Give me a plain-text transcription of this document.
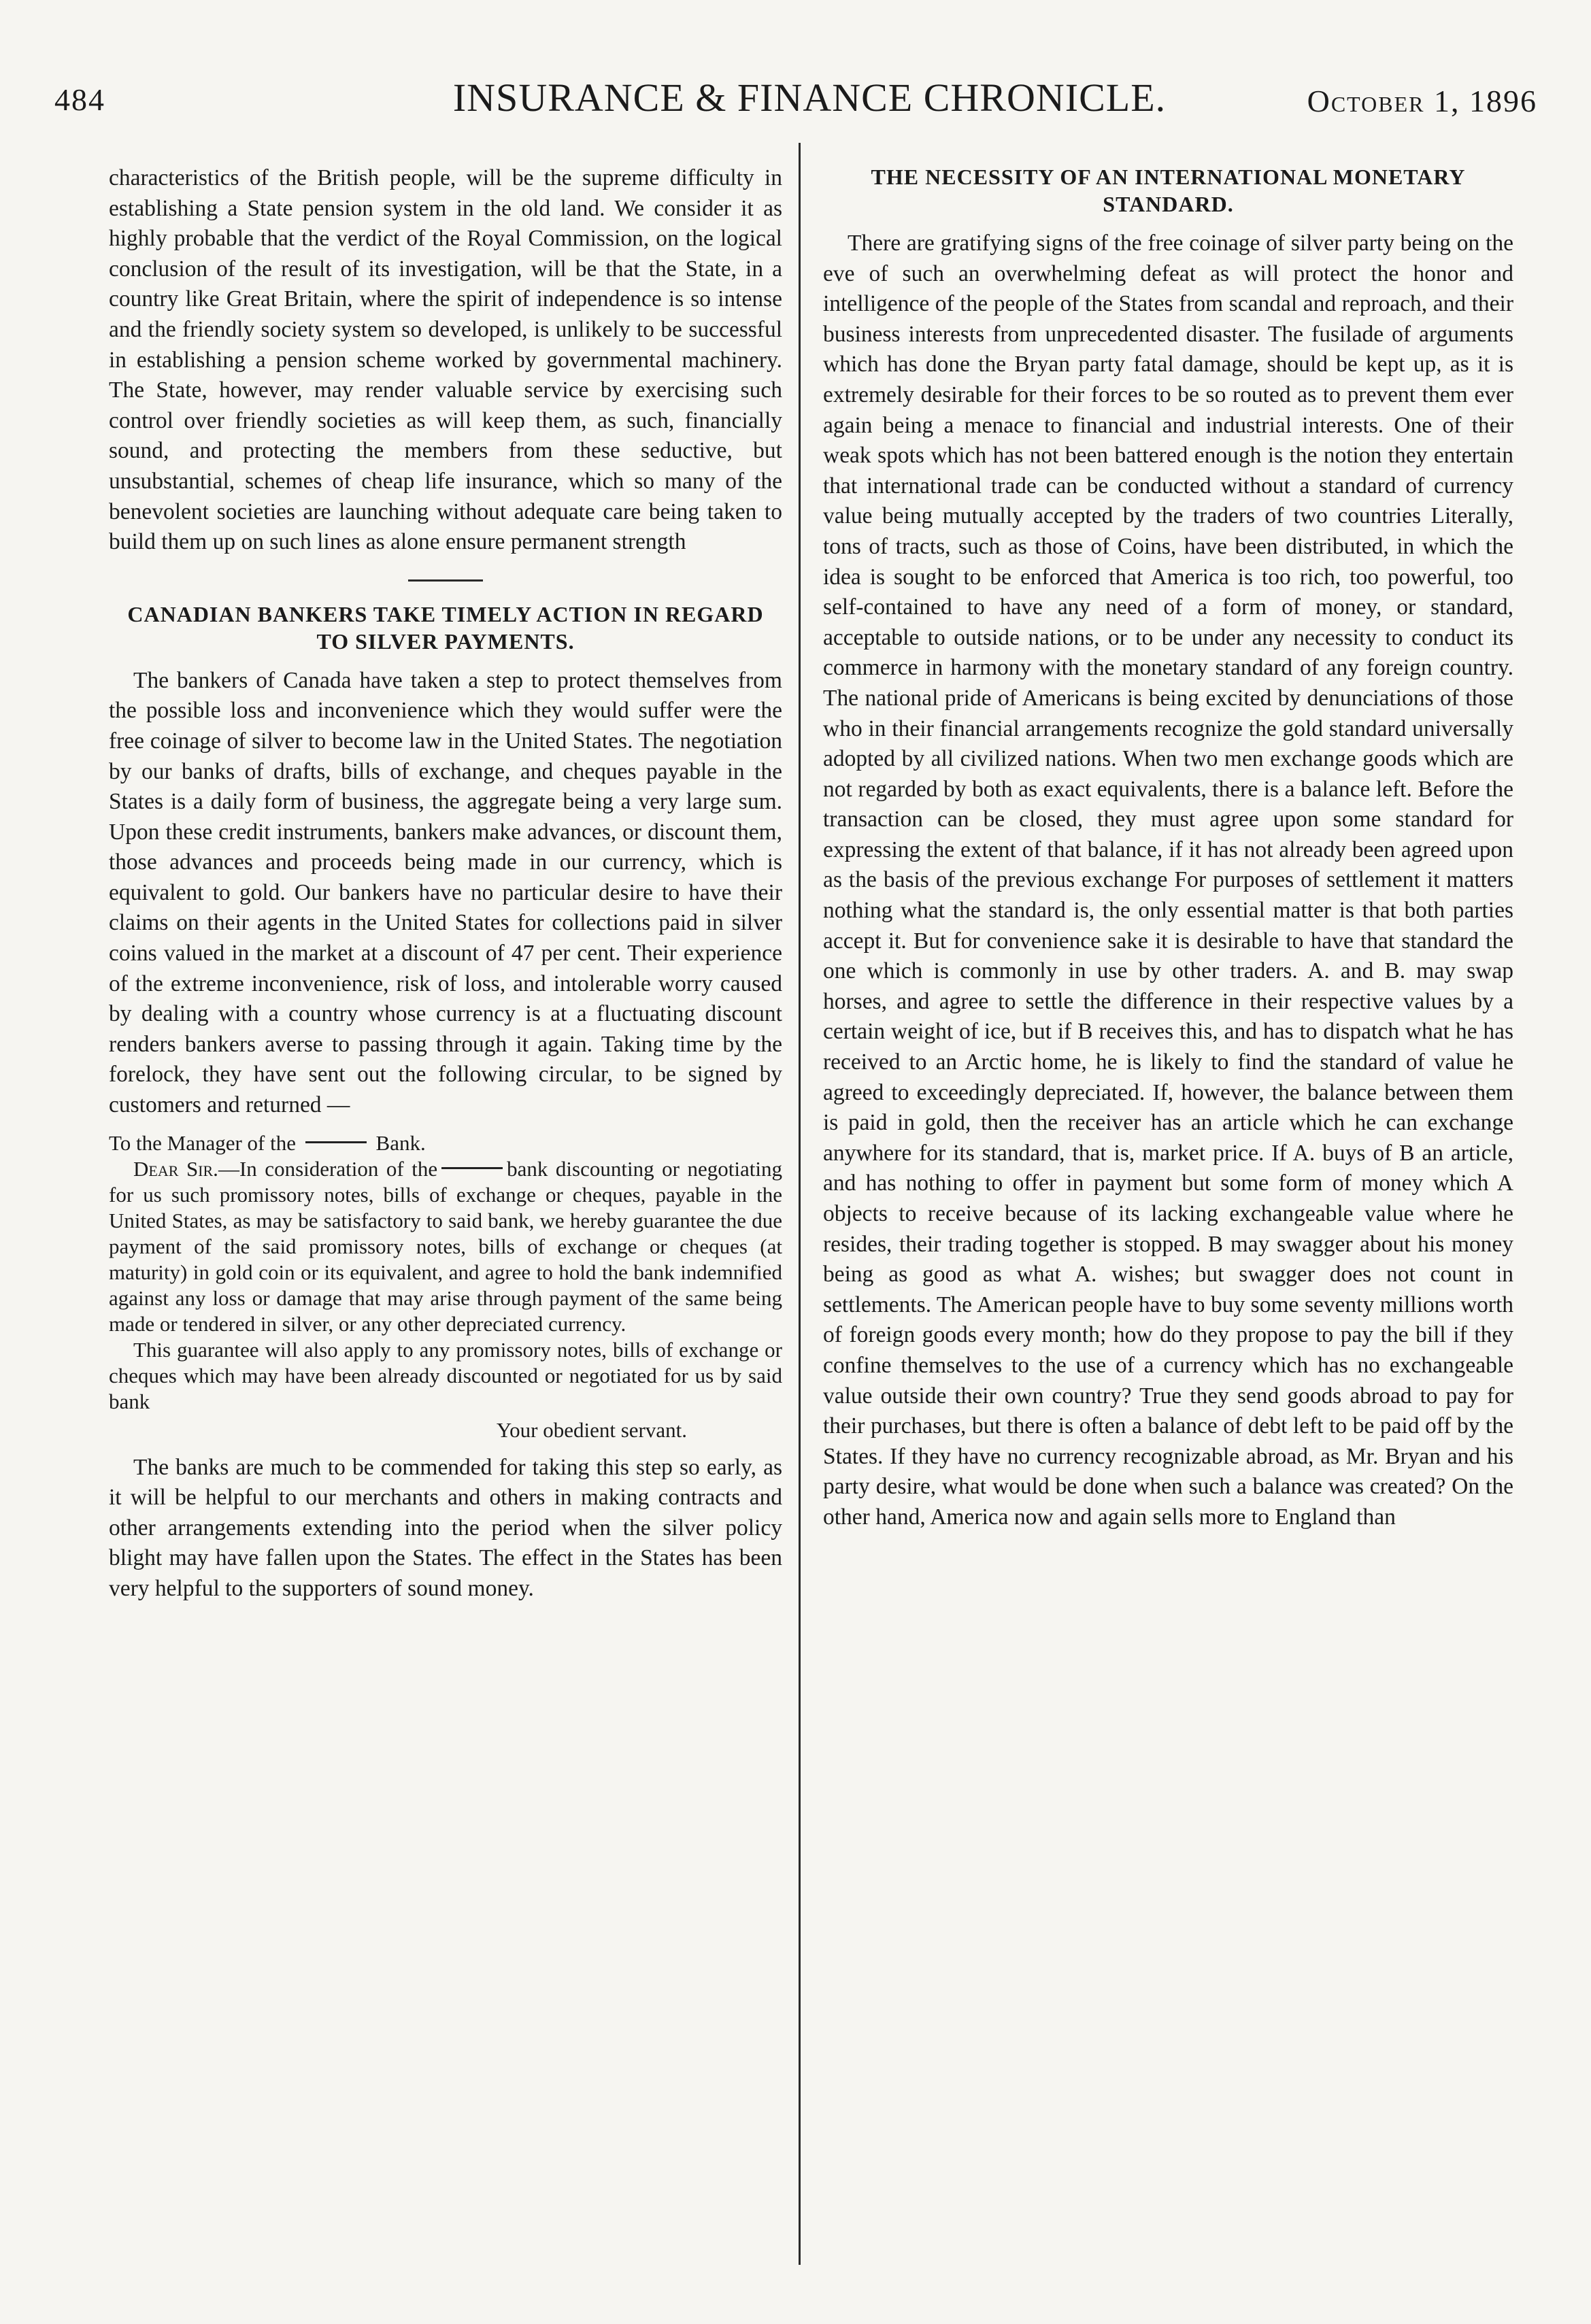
484	INSURANCE & FINANCE CHRONICLE.	October 1, 1896

characteristics of the British people, will be the supreme difficulty in establishing a State pension system in the old land. We consider it as highly probable that the verdict of the Royal Commission, on the logical conclusion of the result of its investigation, will be that the State, in a country like Great Britain, where the spirit of independence is so intense and the friendly society system so developed, is unlikely to be successful in establishing a pension scheme worked by governmental machinery. The State, however, may render valuable service by exercising such control over friendly societies as will keep them, as such, financially sound, and protecting the members from these seductive, but unsubstantial, schemes of cheap life insurance, which so many of the benevolent societies are launching without adequate care being taken to build them up on such lines as alone ensure permanent strength

CANADIAN BANKERS TAKE TIMELY ACTION IN REGARD TO SILVER PAYMENTS.

The bankers of Canada have taken a step to protect themselves from the possible loss and inconvenience which they would suffer were the free coinage of silver to become law in the United States. The negotiation by our banks of drafts, bills of exchange, and cheques payable in the States is a daily form of business, the aggregate being a very large sum. Upon these credit instruments, bankers make advances, or discount them, those advances and proceeds being made in our currency, which is equivalent to gold. Our bankers have no particular desire to have their claims on their agents in the United States for collections paid in silver coins valued in the market at a discount of 47 per cent. Their experience of the extreme inconvenience, risk of loss, and intolerable worry caused by dealing with a country whose currency is at a fluctuating discount renders bankers averse to passing through it again. Taking time by the forelock, they have sent out the following circular, to be signed by customers and returned —

To the Manager of the	Bank.

Dear Sir.—In consideration of the	bank discounting or negotiating for us such promissory notes, bills of exchange or cheques, payable in the United States, as may be satisfactory to said bank, we hereby guarantee the due payment of the said promissory notes, bills of exchange or cheques (at maturity) in gold coin or its equivalent, and agree to hold the bank indemnified against any loss or damage that may arise through payment of the same being made or tendered in silver, or any other depreciated currency.

This guarantee will also apply to any promissory notes, bills of exchange or cheques which may have been already discounted or negotiated for us by said bank

Your obedient servant.

The banks are much to be commended for taking this step so early, as it will be helpful to our merchants and others in making contracts and other arrangements extending into the period when the silver policy blight may have fallen upon the States. The effect in the States has been very helpful to the supporters of sound money.

THE NECESSITY OF AN INTERNATIONAL MONETARY STANDARD.

There are gratifying signs of the free coinage of silver party being on the eve of such an overwhelming defeat as will protect the honor and intelligence of the people of the States from scandal and reproach, and their business interests from unprecedented disaster. The fusilade of arguments which has done the Bryan party fatal damage, should be kept up, as it is extremely desirable for their forces to be so routed as to prevent them ever again being a menace to financial and industrial interests. One of their weak spots which has not been battered enough is the notion they entertain that international trade can be conducted without a standard of currency value being mutually accepted by the traders of two countries Literally, tons of tracts, such as those of Coins, have been distributed, in which the idea is sought to be enforced that America is too rich, too powerful, too self-contained to have any need of a form of money, or standard, acceptable to outside nations, or to be under any necessity to conduct its commerce in harmony with the monetary standard of any foreign country. The national pride of Americans is being excited by denunciations of those who in their financial arrangements recognize the gold standard universally adopted by all civilized nations. When two men exchange goods which are not regarded by both as exact equivalents, there is a balance left. Before the transaction can be closed, they must agree upon some standard for expressing the extent of that balance, if it has not already been agreed upon as the basis of the previous exchange For purposes of settlement it matters nothing what the standard is, the only essential matter is that both parties accept it. But for convenience sake it is desirable to have that standard the one which is commonly in use by other traders. A. and B. may swap horses, and agree to settle the difference in their respective values by a certain weight of ice, but if B receives this, and has to dispatch what he has received to an Arctic home, he is likely to find the standard of value he agreed to exceedingly depreciated. If, however, the balance between them is paid in gold, then the receiver has an article which he can exchange anywhere for its standard, that is, market price. If A. buys of B an article, and has nothing to offer in payment but some form of money which A objects to receive because of its lacking exchangeable value where he resides, their trading together is stopped. B may swagger about his money being as good as what A. wishes; but swagger does not count in settlements. The American people have to buy some seventy millions worth of foreign goods every month; how do they propose to pay the bill if they confine themselves to the use of a currency which has no exchangeable value outside their own country? True they send goods abroad to pay for their purchases, but there is often a balance of debt left to be paid off by the States. If they have no currency recognizable abroad, as Mr. Bryan and his party desire, what would be done when such a balance was created? On the other hand, America now and again sells more to England than
